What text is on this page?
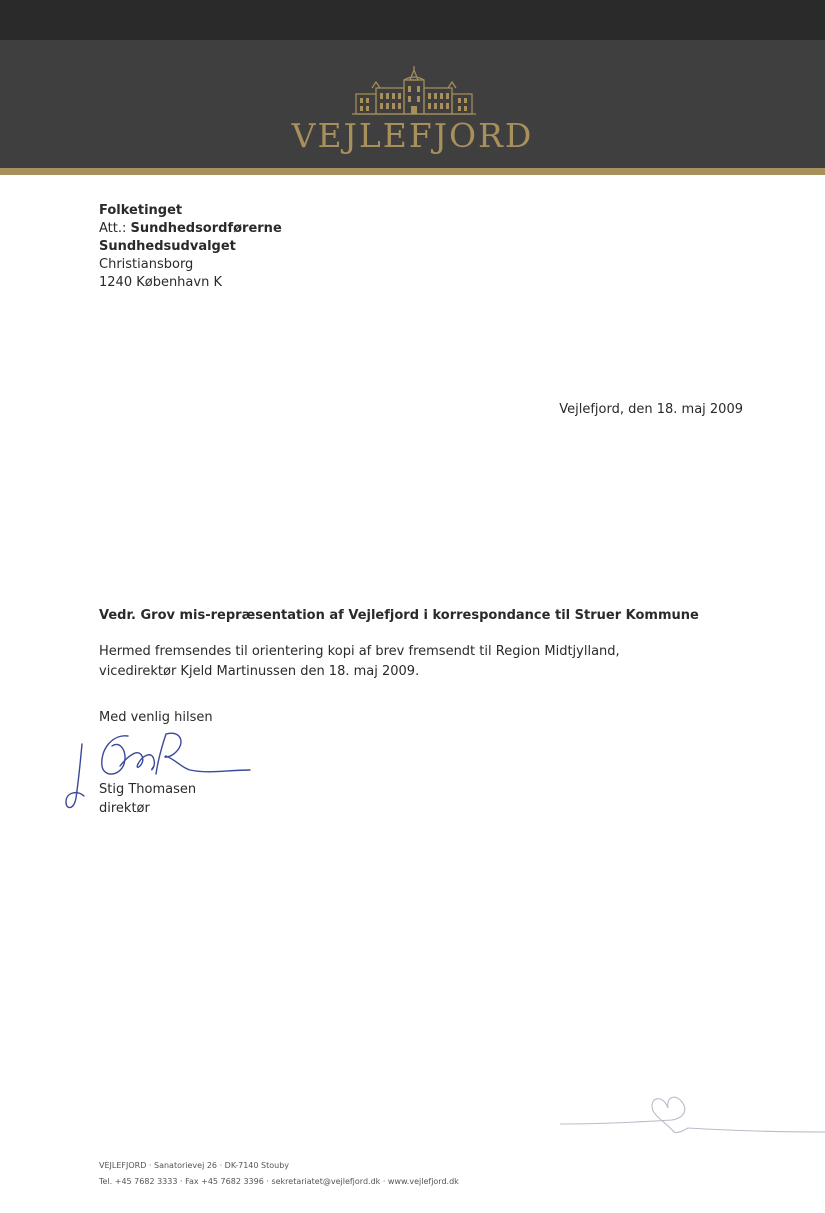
VEJLEFJORD
Folketinget
Att.: Sundhedsordførerne
Sundhedsudvalget
Christiansborg
1240 København K
Vejlefjord, den 18. maj 2009
Vedr. Grov mis-repræsentation af Vejlefjord i korrespondance til Struer Kommune
Hermed fremsendes til orientering kopi af brev fremsendt til Region Midtjylland,
vicedirektør Kjeld Martinussen den 18. maj 2009.
Med venlig hilsen
Stig Thomasen
direktør
VEJLEFJORD · Sanatorievej 26 · DK-7140 Stouby
Tel. +45 7682 3333 · Fax +45 7682 3396 · sekretariatet@vejlefjord.dk · www.vejlefjord.dk
